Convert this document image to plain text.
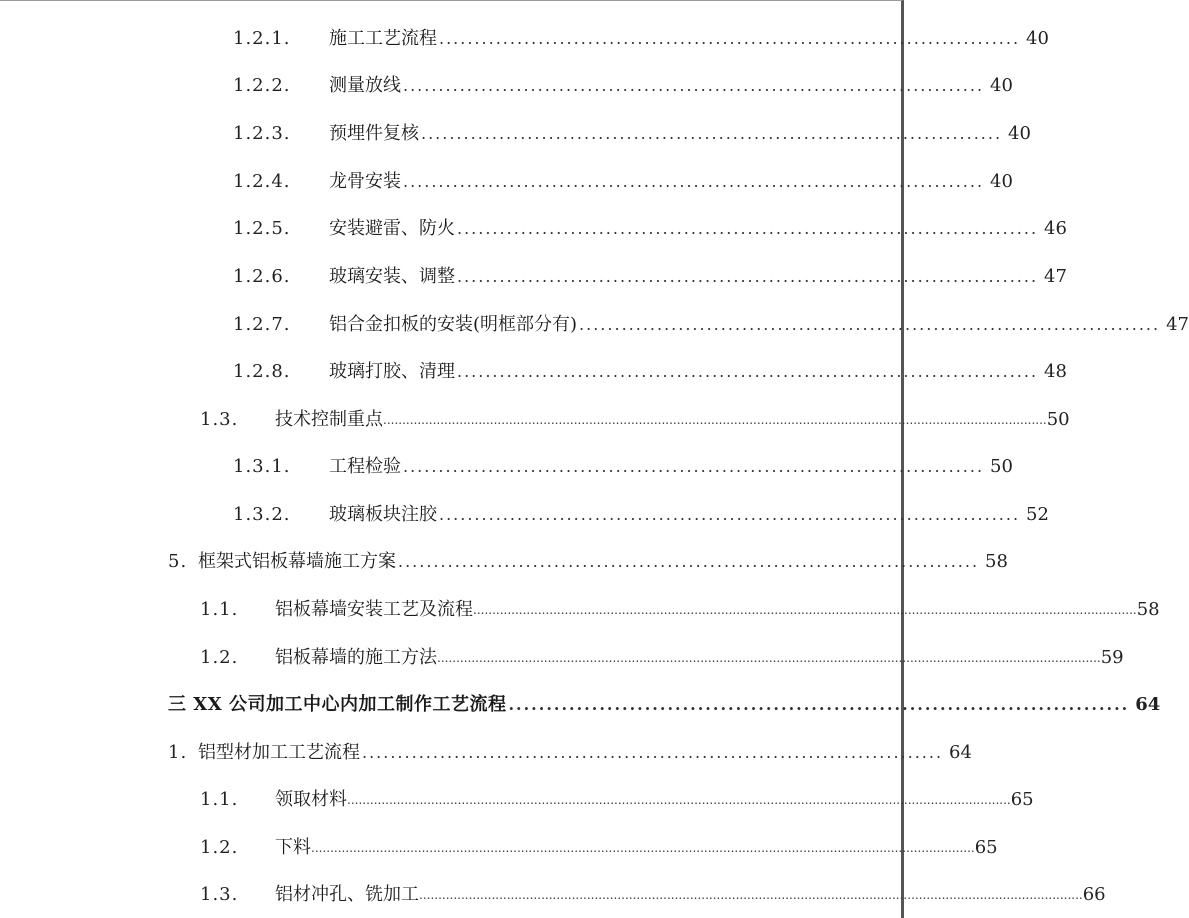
1.2.1.	施工工艺流程 .................................................................................. 40
1.2.2.	测量放线 .................................................................................. 40
1.2.3.	预埋件复核 .................................................................................. 40
1.2.4.	龙骨安装 .................................................................................. 40
1.2.5.	安装避雷、防火 .................................................................................. 46
1.2.6.	玻璃安装、调整 .................................................................................. 47
1.2.7.	铝合金扣板的安装(明框部分有) .................................................................................. 47
1.2.8.	玻璃打胶、清理 .................................................................................. 48
1.3.	技术控制重点 .............................................................................................................................................................................. 50
1.3.1.	工程检验 .................................................................................. 50
1.3.2.	玻璃板块注胶 .................................................................................. 52
5. 框架式铝板幕墙施工方案 .................................................................................. 58
1.1.	铝板幕墙安装工艺及流程 .............................................................................................................................................................................. 58
1.2.	铝板幕墙的施工方法 .............................................................................................................................................................................. 59
三 XX 公司加工中心内加工制作工艺流程 .................................................................................. 64
1. 铝型材加工工艺流程 .................................................................................. 64
1.1.	领取材料 .............................................................................................................................................................................. 65
1.2.	下料 .............................................................................................................................................................................. 65
1.3.	铝材冲孔、铣加工 .............................................................................................................................................................................. 66
